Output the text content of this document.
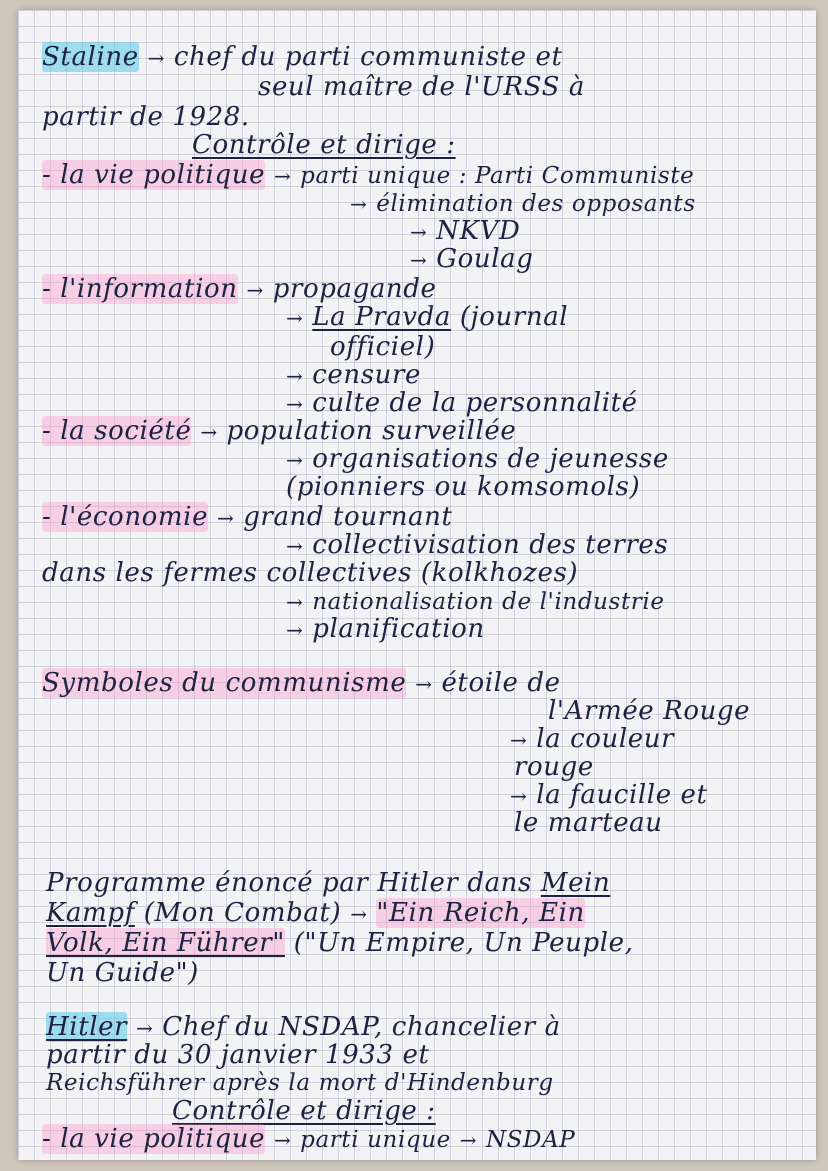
Staline → chef du parti communiste et
seul maître de l'URSS à
partir de 1928.
Contrôle et dirige :
- la vie politique → parti unique : Parti Communiste
→ élimination des opposants
→ NKVD
→ Goulag
- l'information → propagande
→ La Pravda (journal
officiel)
→ censure
→ culte de la personnalité
- la société → population surveillée
→ organisations de jeunesse
(pionniers ou komsomols)
- l'économie → grand tournant
→ collectivisation des terres
dans les fermes collectives (kolkhozes)
→ nationalisation de l'industrie
→ planification
Symboles du communisme → étoile de
l'Armée Rouge
→ la couleur
rouge
→ la faucille et
le marteau
Programme énoncé par Hitler dans Mein
Kampf (Mon Combat) → "Ein Reich, Ein
Volk, Ein Führer" ("Un Empire, Un Peuple,
Un Guide")
Hitler → Chef du NSDAP, chancelier à
partir du 30 janvier 1933 et
Reichsführer après la mort d'Hindenburg
Contrôle et dirige :
- la vie politique → parti unique → NSDAP
